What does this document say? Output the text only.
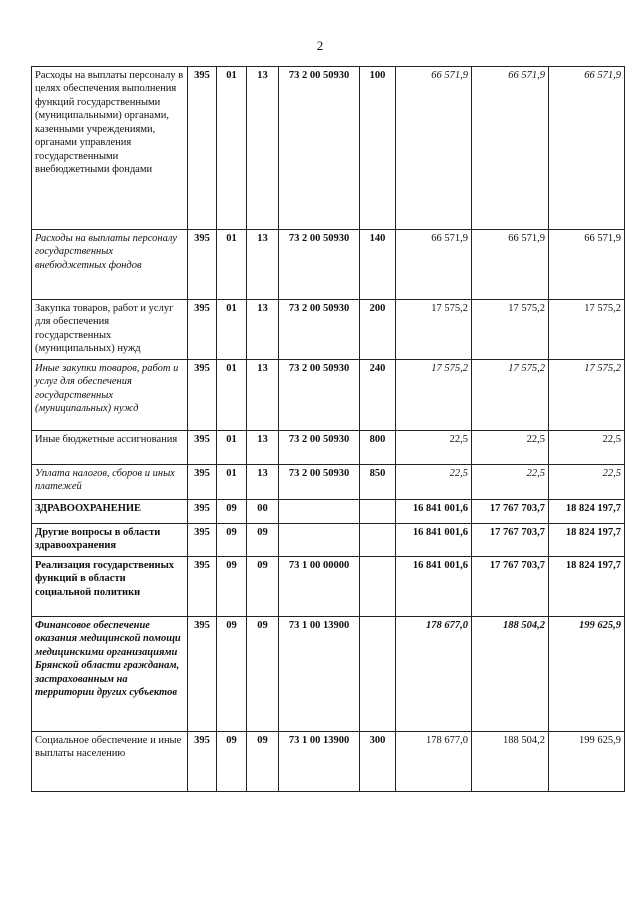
2
Расходы на выплаты персоналу в целях обеспечения выполнения функций государственными (муниципальными) органами, казенными учреждениями, органами управления государственными внебюджетными фондами	395	01	13	73 2 00 50930	100	66 571,9	66 571,9	66 571,9
Расходы на выплаты персоналу государственных внебюджетных фондов	395	01	13	73 2 00 50930	140	66 571,9	66 571,9	66 571,9
Закупка товаров, работ и услуг для обеспечения государственных (муниципальных) нужд	395	01	13	73 2 00 50930	200	17 575,2	17 575,2	17 575,2
Иные закупки товаров, работ и услуг для обеспечения государственных (муниципальных) нужд	395	01	13	73 2 00 50930	240	17 575,2	17 575,2	17 575,2
Иные бюджетные ассигнования	395	01	13	73 2 00 50930	800	22,5	22,5	22,5
Уплата налогов, сборов и иных платежей	395	01	13	73 2 00 50930	850	22,5	22,5	22,5
ЗДРАВООХРАНЕНИЕ	395	09	00			16 841 001,6	17 767 703,7	18 824 197,7
Другие вопросы в области здравоохранения	395	09	09			16 841 001,6	17 767 703,7	18 824 197,7
Реализация государственных функций в области социальной политики	395	09	09	73 1 00 00000		16 841 001,6	17 767 703,7	18 824 197,7
Финансовое обеспечение оказания медицинской помощи медицинскими организациями Брянской области гражданам, застрахованным на территории других субъектов	395	09	09	73 1 00 13900		178 677,0	188 504,2	199 625,9
Социальное обеспечение и иные выплаты населению	395	09	09	73 1 00 13900	300	178 677,0	188 504,2	199 625,9
